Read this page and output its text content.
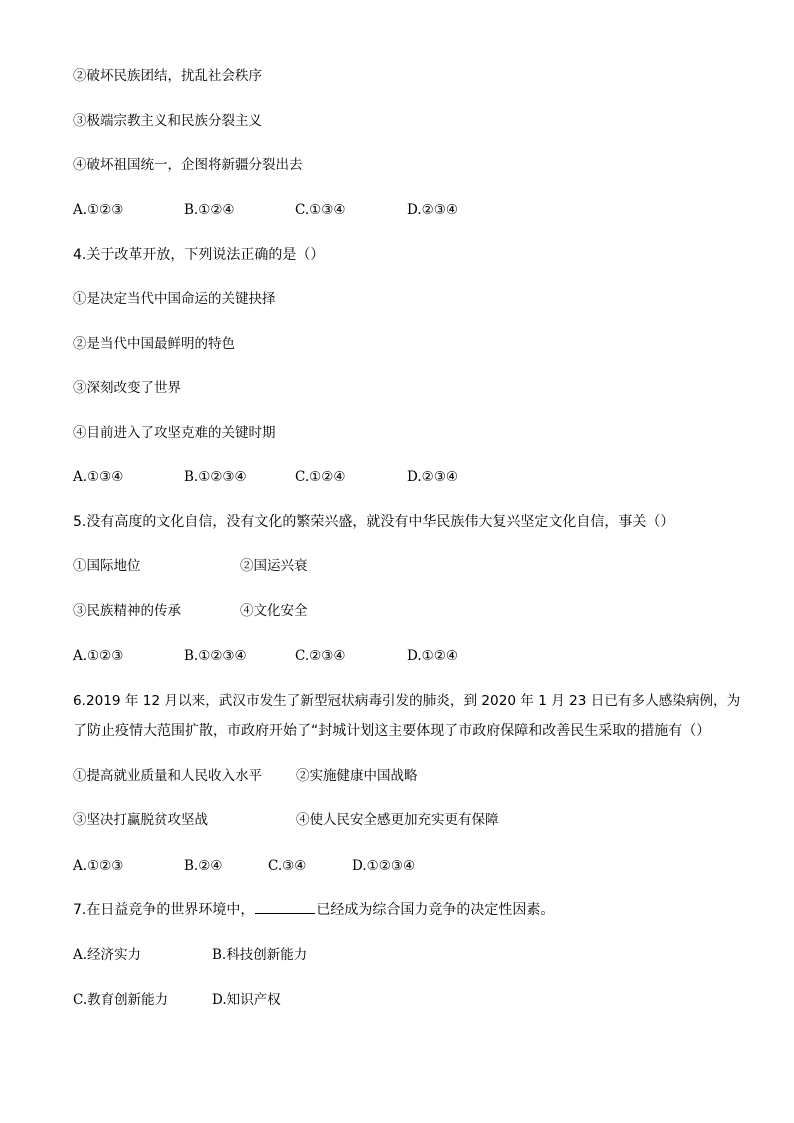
②破坏民族团结，扰乱社会秩序
③极端宗教主义和民族分裂主义
④破坏祖国统一，企图将新疆分裂出去
A.①②③	B.①②④	C.①③④	D.②③④
4.关于改革开放，下列说法正确的是（）
①是决定当代中国命运的关键抉择
②是当代中国最鲜明的特色
③深刻改变了世界
④目前进入了攻坚克难的关键时期
A.①③④	B.①②③④	C.①②④	D.②③④
5.没有高度的文化自信，没有文化的繁荣兴盛，就没有中华民族伟大复兴坚定文化自信，事关（）
①国际地位	②国运兴衰
③民族精神的传承	④文化安全
A.①②③	B.①②③④	C.②③④	D.①②④
6.2019 年 12 月以来，武汉市发生了新型冠状病毒引发的肺炎，到 2020 年 1 月 23 日已有多人感染病例，为
了防止疫情大范围扩散，市政府开始了“封城计划这主要体现了市政府保障和改善民生采取的措施有（）
①提高就业质量和人民收入水平	②实施健康中国战略
③坚决打赢脱贫攻坚战	④使人民安全感更加充实更有保障
A.①②③	B.②④	C.③④	D.①②③④
7.在日益竞争的世界环境中，	已经成为综合国力竞争的决定性因素。
A.经济实力	B.科技创新能力
C.教育创新能力	D.知识产权
